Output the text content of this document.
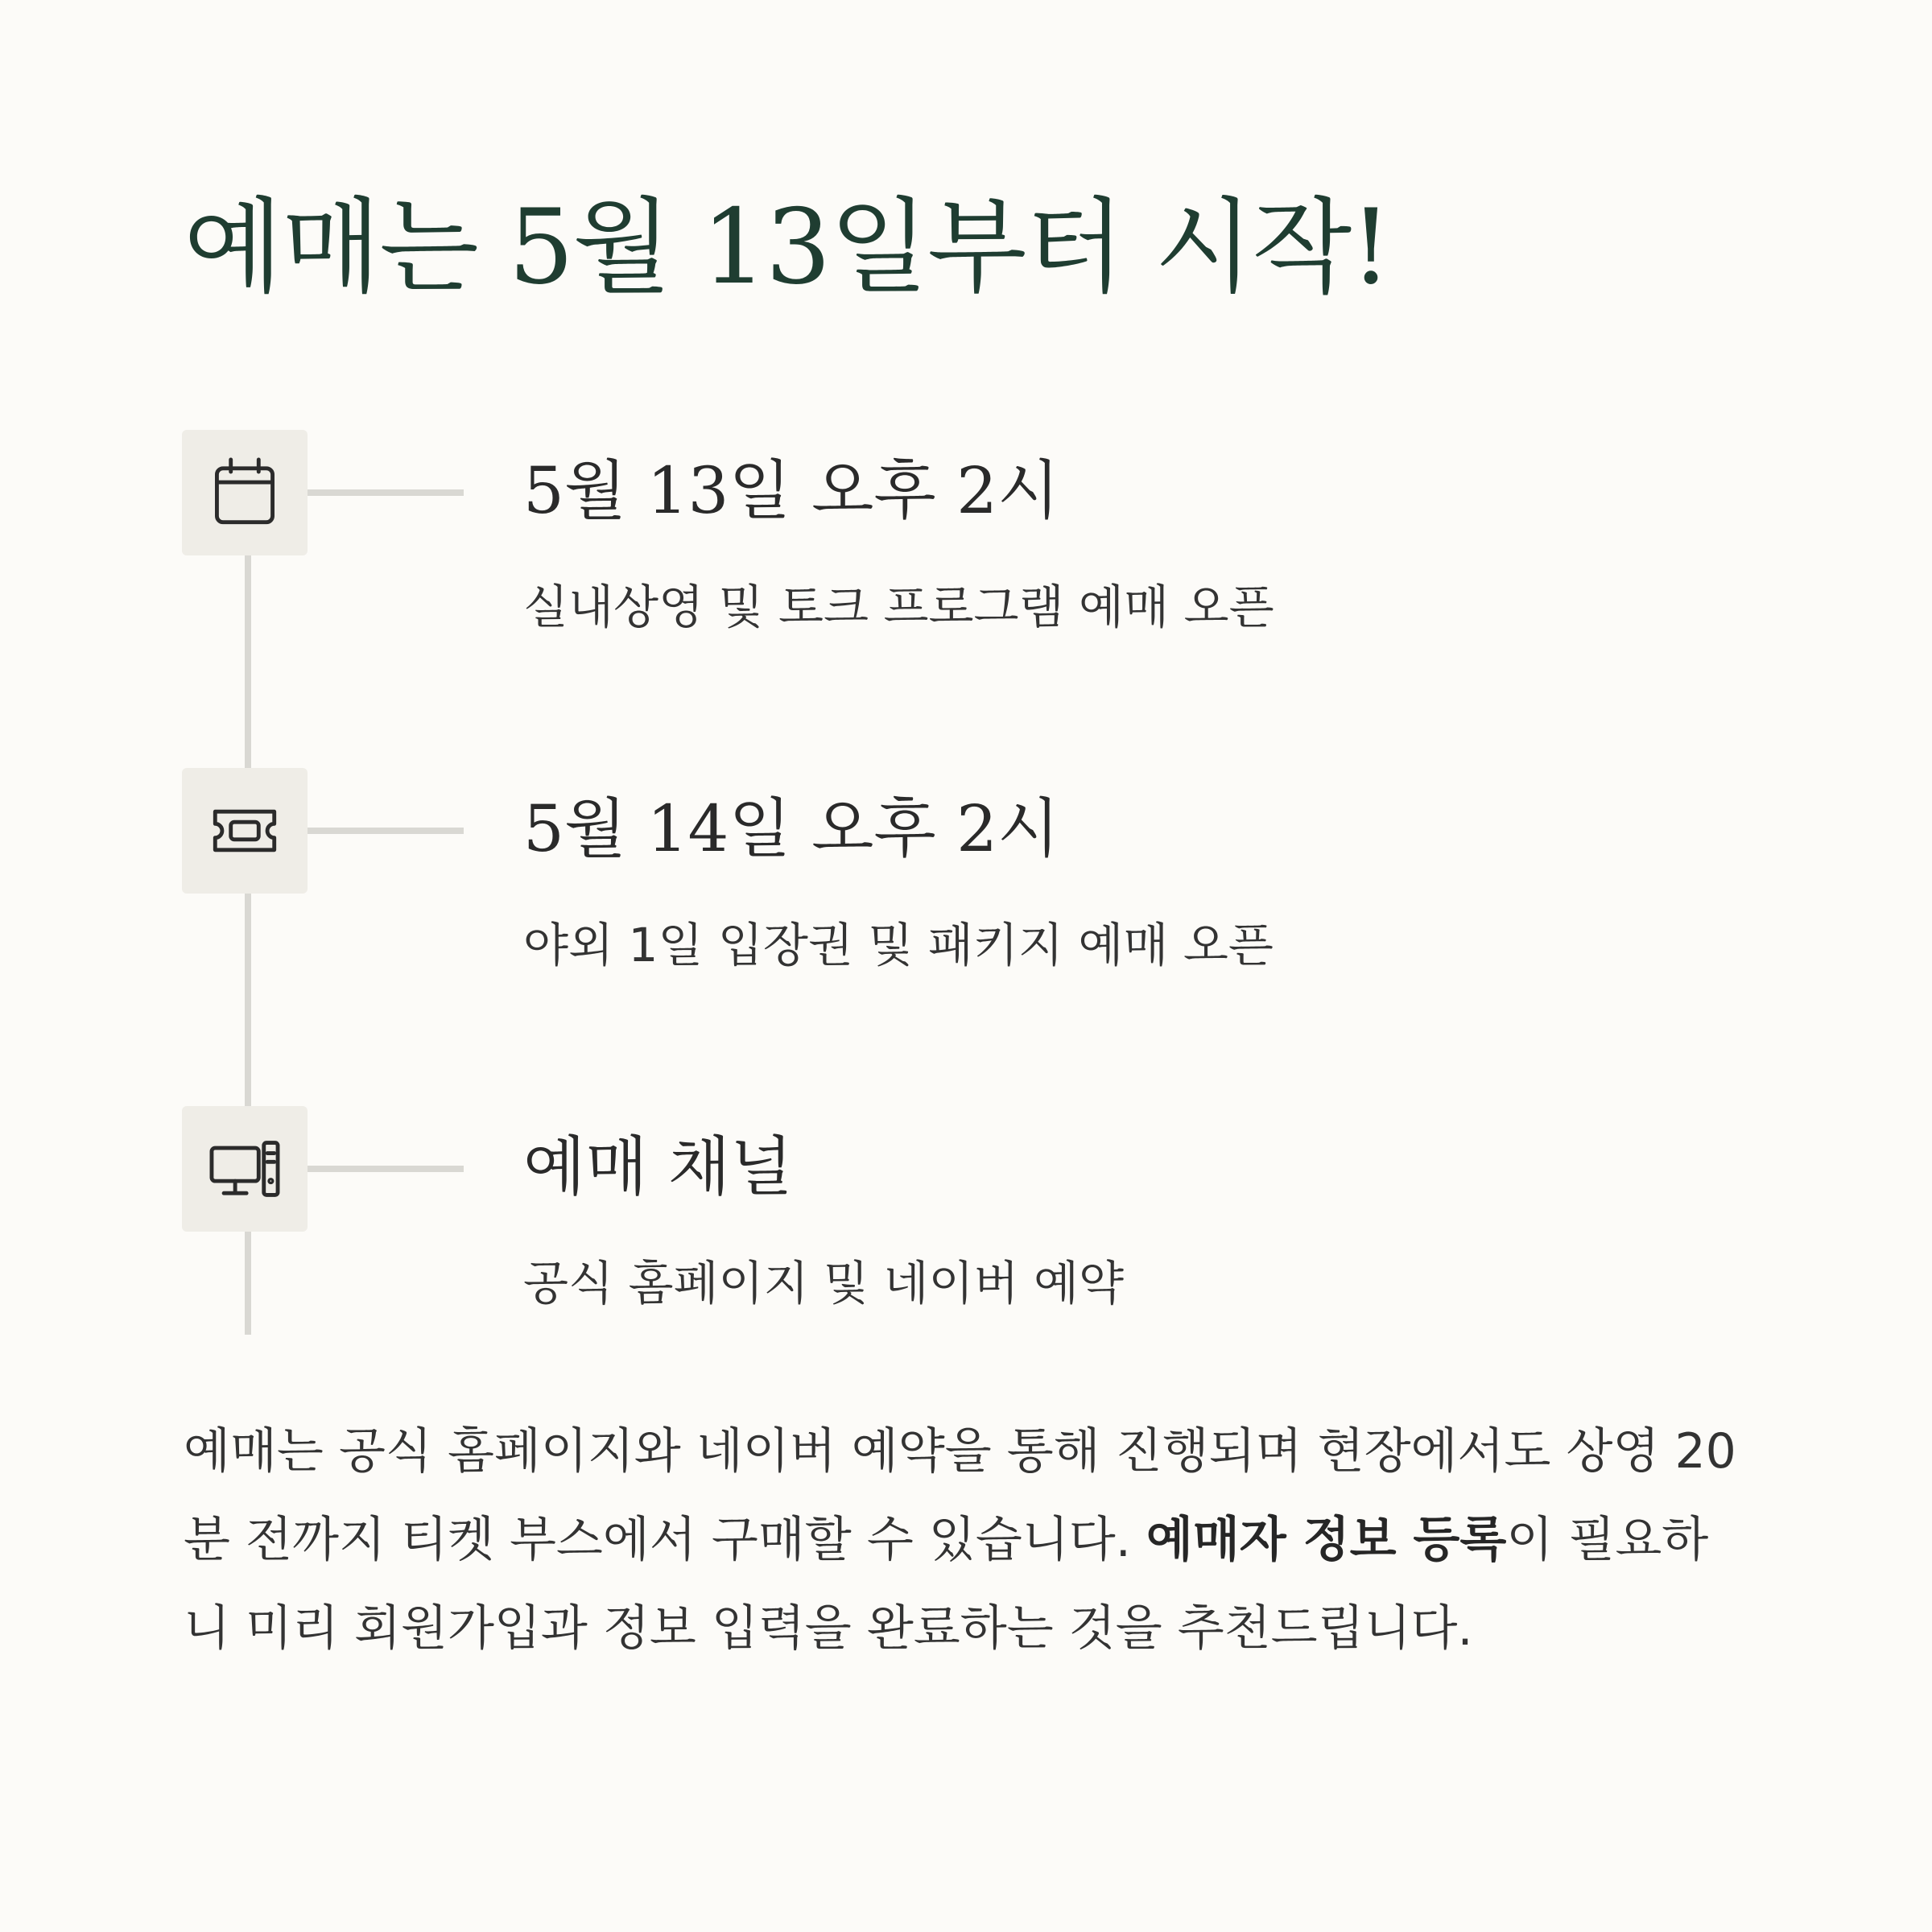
예매는 5월 13일부터 시작!
5월 13일 오후 2시
실내상영 및 토크 프로그램 예매 오픈
5월 14일 오후 2시
야외 1일 입장권 및 패키지 예매 오픈
예매 채널
공식 홈페이지 및 네이버 예약

예매는 공식 홈페이지와 네이버 예약을 통해 진행되며 현장에서도 상영 20분 전까지 티켓 부스에서 구매할 수 있습니다. 예매자 정보 등록이 필요하니 미리 회원가입과 정보 입력을 완료하는 것을 추천드립니다.
